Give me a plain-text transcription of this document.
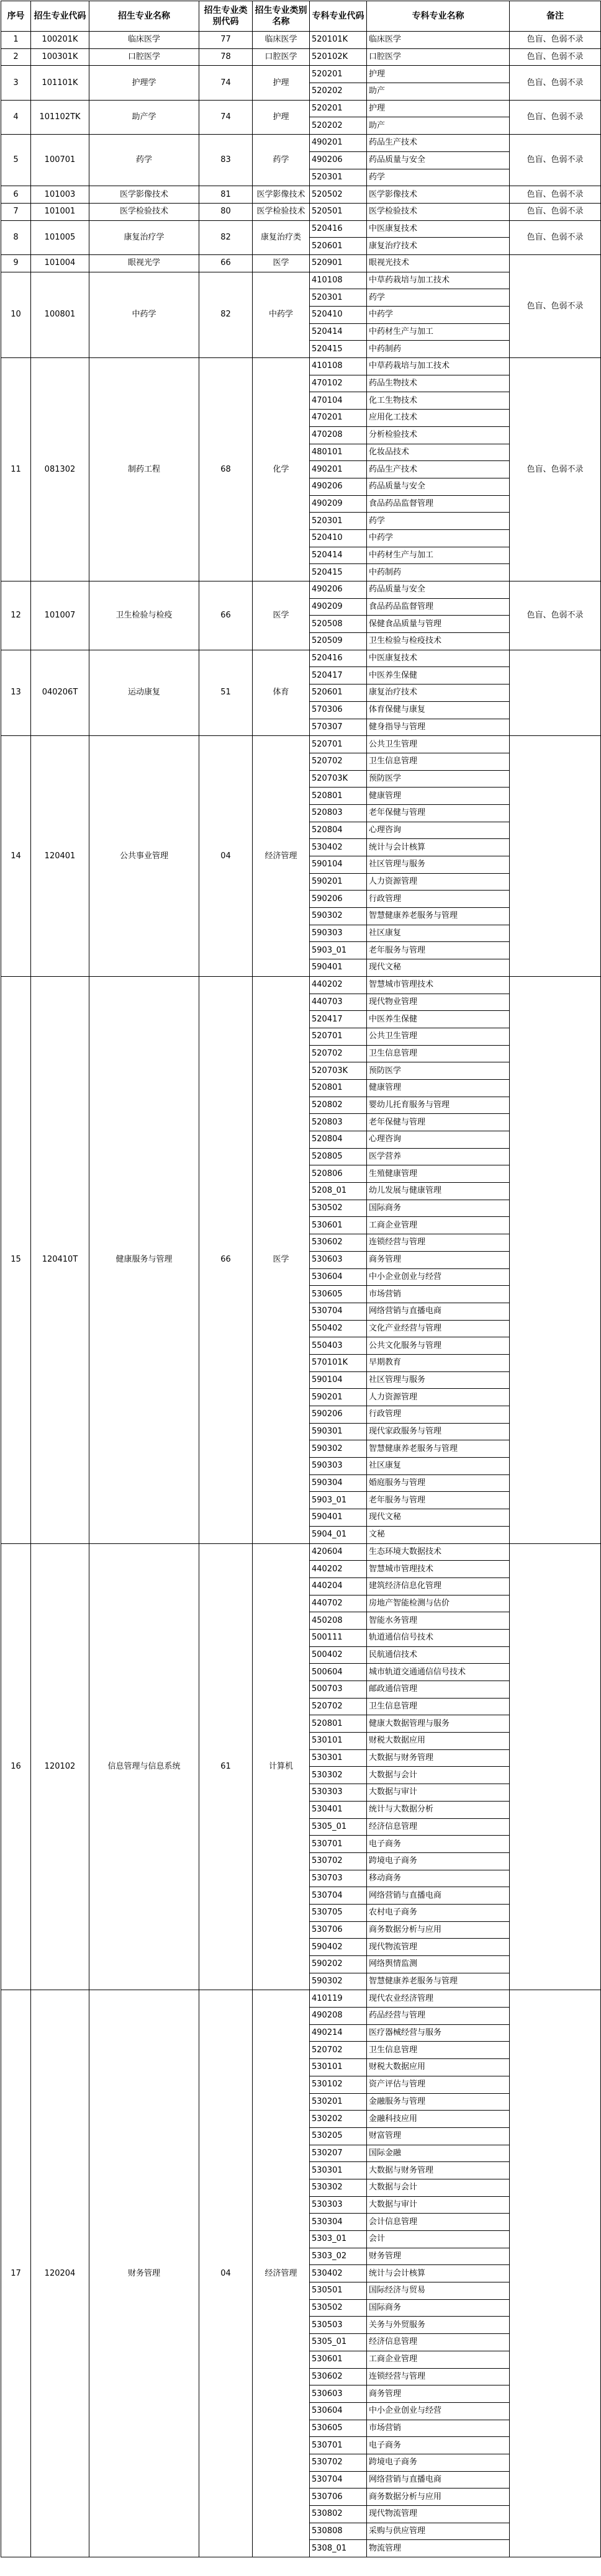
序号	招生专业代码	招生专业名称	招生专业类别代码	招生专业类别名称	专科专业代码	专科专业名称	备注
1	100201K	临床医学	77	临床医学	520101K	临床医学	色盲、色弱不录
2	100301K	口腔医学	78	口腔医学	520102K	口腔医学	色盲、色弱不录
3	101101K	护理学	74	护理	520201	护理	色盲、色弱不录
					520202	助产	
4	101102TK	助产学	74	护理	520201	护理	色盲、色弱不录
					520202	助产	
5	100701	药学	83	药学	490201	药品生产技术	色盲、色弱不录
					490206	药品质量与安全	
					520301	药学	
6	101003	医学影像技术	81	医学影像技术	520502	医学影像技术	色盲、色弱不录
7	101001	医学检验技术	80	医学检验技术	520501	医学检验技术	色盲、色弱不录
8	101005	康复治疗学	82	康复治疗类	520416	中医康复技术	色盲、色弱不录
					520601	康复治疗技术	
9	101004	眼视光学	66	医学	520901	眼视光技术	色盲、色弱不录
10	100801	中药学	82	中药学	410108	中草药栽培与加工技术	
					520301	药学	
					520410	中药学	
					520414	中药材生产与加工	
					520415	中药制药	
11	081302	制药工程	68	化学	410108	中草药栽培与加工技术	色盲、色弱不录
					470102	药品生物技术	
					470104	化工生物技术	
					470201	应用化工技术	
					470208	分析检验技术	
					480101	化妆品技术	
					490201	药品生产技术	
					490206	药品质量与安全	
					490209	食品药品监督管理	
					520301	药学	
					520410	中药学	
					520414	中药材生产与加工	
					520415	中药制药	
12	101007	卫生检验与检疫	66	医学	490206	药品质量与安全	色盲、色弱不录
					490209	食品药品监督管理	
					520508	保健食品质量与管理	
					520509	卫生检验与检疫技术	
13	040206T	运动康复	51	体育	520416	中医康复技术	
					520417	中医养生保健	
					520601	康复治疗技术	
					570306	体育保健与康复	
					570307	健身指导与管理	
14	120401	公共事业管理	04	经济管理	520701	公共卫生管理	
					520702	卫生信息管理	
					520703K	预防医学	
					520801	健康管理	
					520803	老年保健与管理	
					520804	心理咨询	
					530402	统计与会计核算	
					590104	社区管理与服务	
					590201	人力资源管理	
					590206	行政管理	
					590302	智慧健康养老服务与管理	
					590303	社区康复	
					5903_01	老年服务与管理	
					590401	现代文秘	
15	120410T	健康服务与管理	66	医学	440202	智慧城市管理技术	
					440703	现代物业管理	
					520417	中医养生保健	
					520701	公共卫生管理	
					520702	卫生信息管理	
					520703K	预防医学	
					520801	健康管理	
					520802	婴幼儿托育服务与管理	
					520803	老年保健与管理	
					520804	心理咨询	
					520805	医学营养	
					520806	生殖健康管理	
					5208_01	幼儿发展与健康管理	
					530502	国际商务	
					530601	工商企业管理	
					530602	连锁经营与管理	
					530603	商务管理	
					530604	中小企业创业与经营	
					530605	市场营销	
					530704	网络营销与直播电商	
					550402	文化产业经营与管理	
					550403	公共文化服务与管理	
					570101K	早期教育	
					590104	社区管理与服务	
					590201	人力资源管理	
					590206	行政管理	
					590301	现代家政服务与管理	
					590302	智慧健康养老服务与管理	
					590303	社区康复	
					590304	婚庭服务与管理	
					5903_01	老年服务与管理	
					590401	现代文秘	
					5904_01	文秘	
16	120102	信息管理与信息系统	61	计算机	420604	生态环境大数据技术	
					440202	智慧城市管理技术	
					440204	建筑经济信息化管理	
					440702	房地产智能检测与估价	
					450208	智能水务管理	
					500111	轨道通信信号技术	
					500402	民航通信技术	
					500604	城市轨道交通通信信号技术	
					500703	邮政通信管理	
					520702	卫生信息管理	
					520801	健康大数据管理与服务	
					530101	财税大数据应用	
					530301	大数据与财务管理	
					530302	大数据与会计	
					530303	大数据与审计	
					530401	统计与大数据分析	
					5305_01	经济信息管理	
					530701	电子商务	
					530702	跨境电子商务	
					530703	移动商务	
					530704	网络营销与直播电商	
					530705	农村电子商务	
					530706	商务数据分析与应用	
					590402	现代物流管理	
					590202	网络舆情监测	
					590302	智慧健康养老服务与管理	
17	120204	财务管理	04	经济管理	410119	现代农业经济管理	
					490208	药品经营与管理	
					490214	医疗器械经营与服务	
					520702	卫生信息管理	
					530101	财税大数据应用	
					530102	资产评估与管理	
					530201	金融服务与管理	
					530202	金融科技应用	
					530205	财富管理	
					530207	国际金融	
					530301	大数据与财务管理	
					530302	大数据与会计	
					530303	大数据与审计	
					530304	会计信息管理	
					5303_01	会计	
					5303_02	财务管理	
					530402	统计与会计核算	
					530501	国际经济与贸易	
					530502	国际商务	
					530503	关务与外贸服务	
					5305_01	经济信息管理	
					530601	工商企业管理	
					530602	连锁经营与管理	
					530603	商务管理	
					530604	中小企业创业与经营	
					530605	市场营销	
					530701	电子商务	
					530702	跨境电子商务	
					530704	网络营销与直播电商	
					530706	商务数据分析与应用	
					530802	现代物流管理	
					530808	采购与供应管理	
					5308_01	物流管理	
